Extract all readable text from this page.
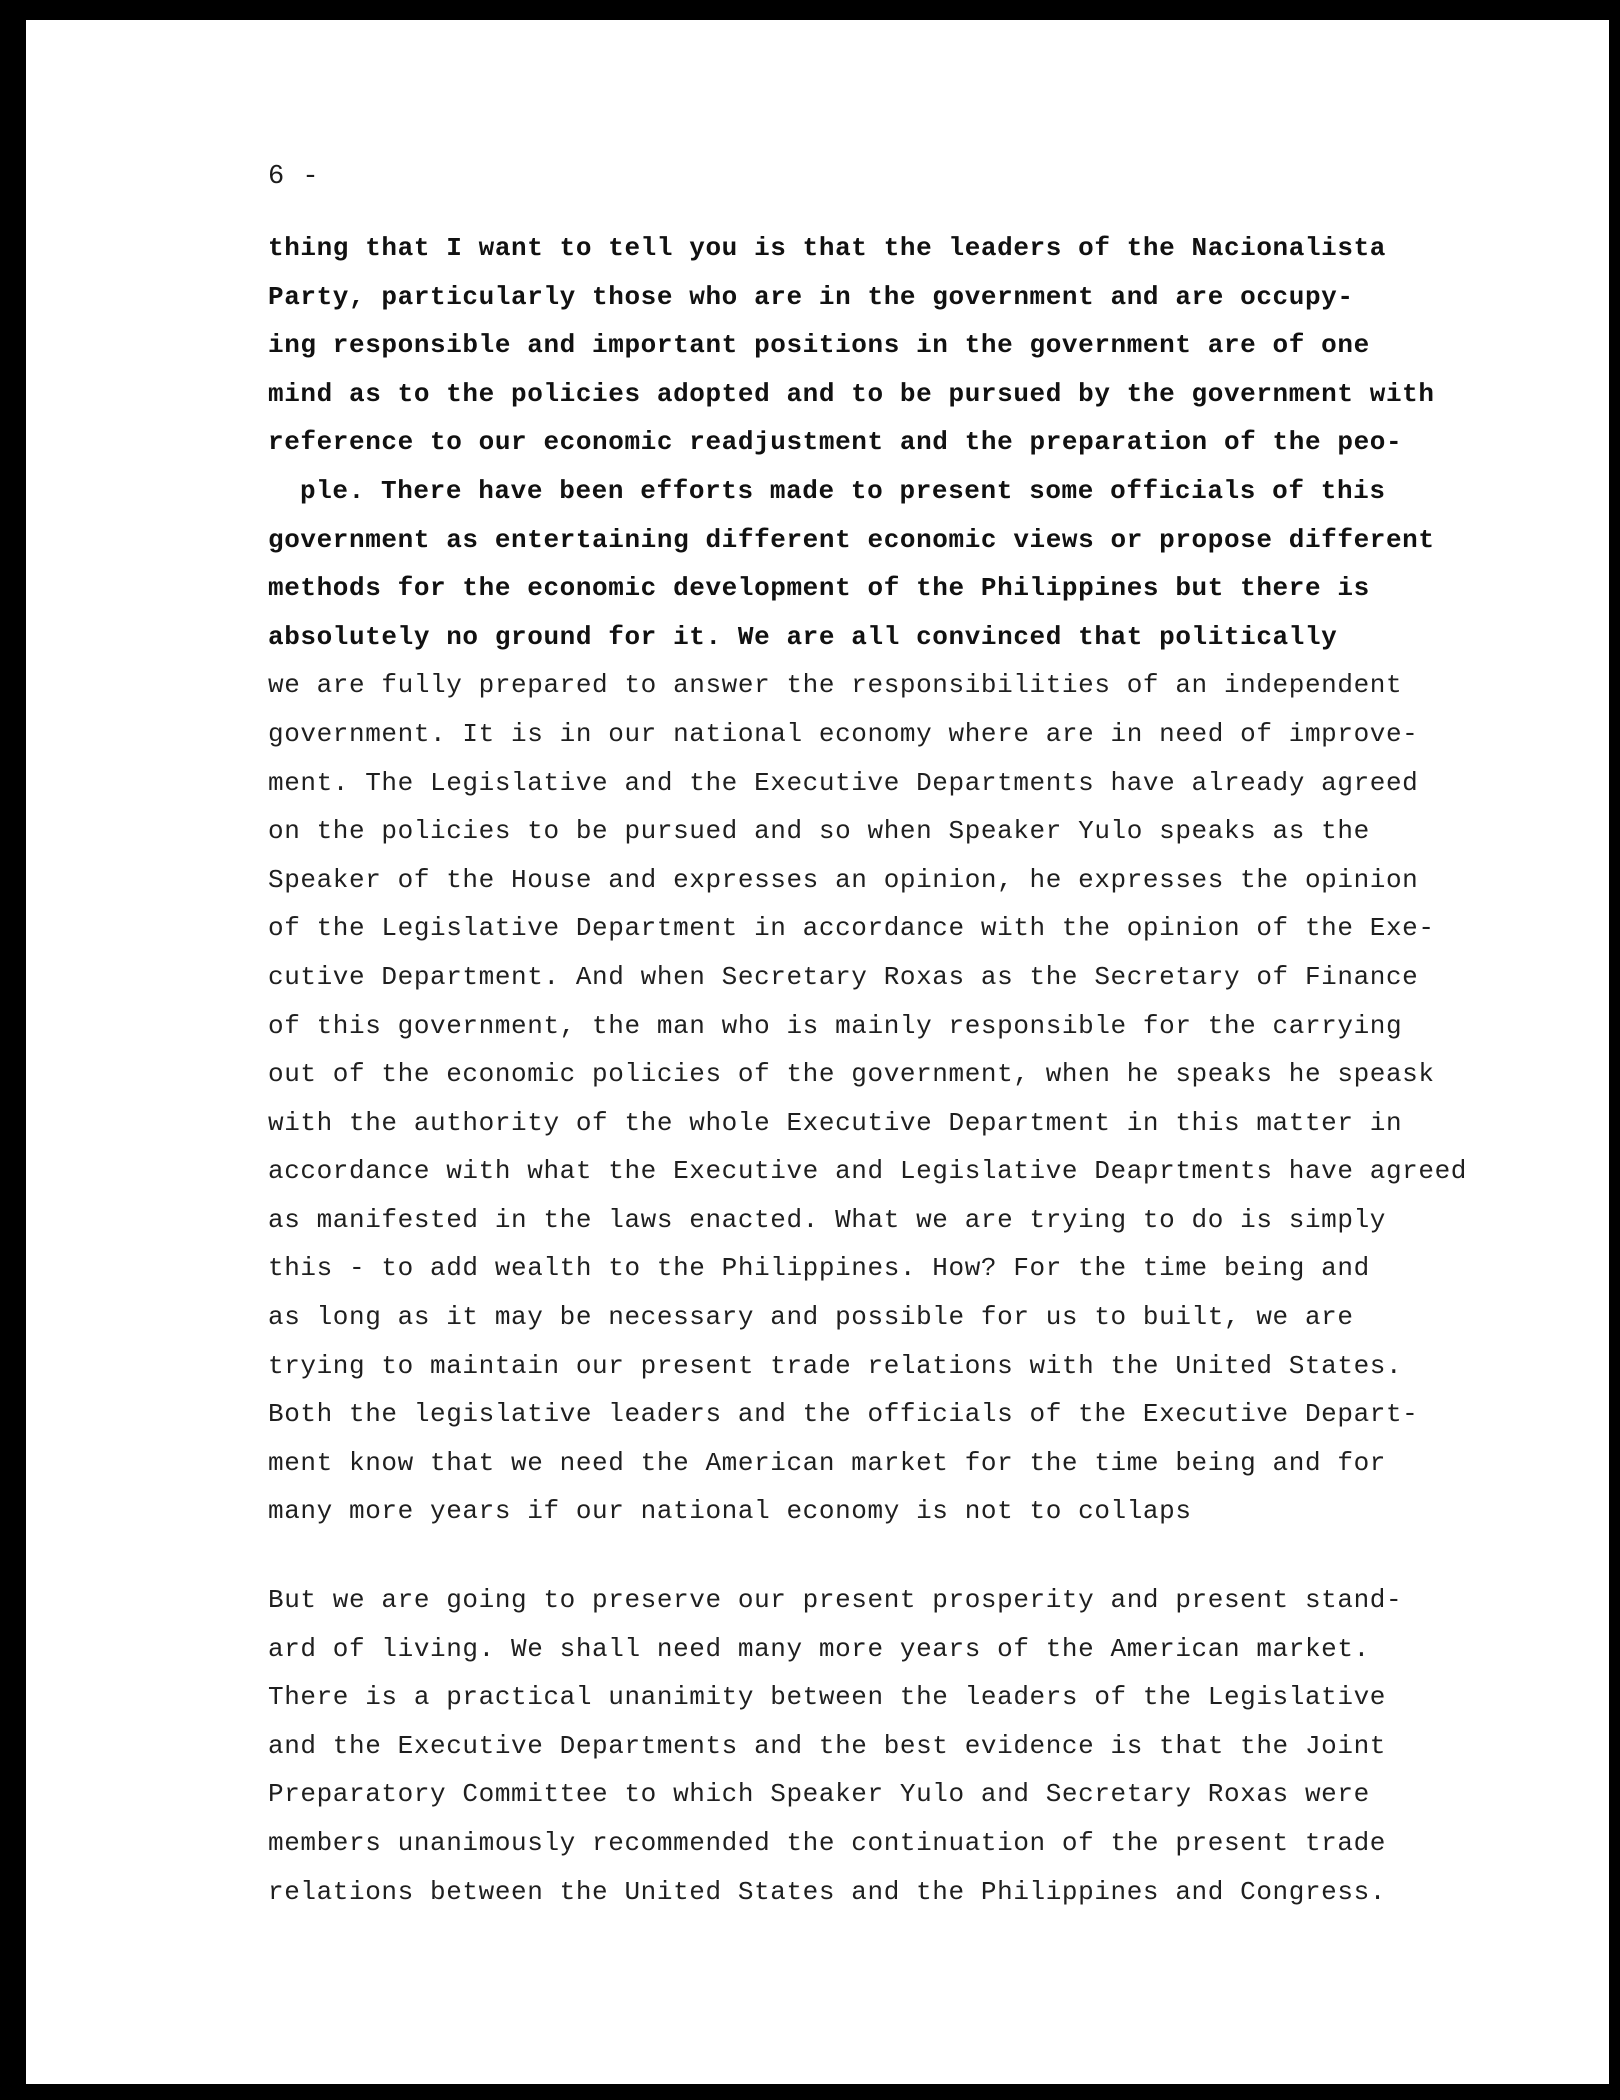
6 -

thing that I want to tell you is that the leaders of the Nacionalista
Party, particularly those who are in the government and are occupy-
ing responsible and important positions in the government are of one
mind as to the policies adopted and to be pursued by the government with
reference to our economic readjustment and the preparation of the peo-
ple. There have been efforts made to present some officials of this
government as entertaining different economic views or propose different
methods for the economic development of the Philippines but there is
absolutely no ground for it. We are all convinced that politically
we are fully prepared to answer the responsibilities of an independent
government. It is in our national economy where are in need of improve-
ment. The Legislative and the Executive Departments have already agreed
on the policies to be pursued and so when Speaker Yulo speaks as the
Speaker of the House and expresses an opinion, he expresses the opinion
of the Legislative Department in accordance with the opinion of the Exe-
cutive Department. And when Secretary Roxas as the Secretary of Finance
of this government, the man who is mainly responsible for the carrying
out of the economic policies of the government, when he speaks he speask
with the authority of the whole Executive Department in this matter in
accordance with what the Executive and Legislative Deaprtments have agreed
as manifested in the laws enacted. What we are trying to do is simply
this - to add wealth to the Philippines. How? For the time being and
as long as it may be necessary and possible for us to built, we are
trying to maintain our present trade relations with the United States.
Both the legislative leaders and the officials of the Executive Depart-
ment know that we need the American market for the time being and for
many more years if our national economy is not to collaps

But we are going to preserve our present prosperity and present stand-
ard of living. We shall need many more years of the American market.
There is a practical unanimity between the leaders of the Legislative
and the Executive Departments and the best evidence is that the Joint
Preparatory Committee to which Speaker Yulo and Secretary Roxas were
members unanimously recommended the continuation of the present trade
relations between the United States and the Philippines and Congress.
